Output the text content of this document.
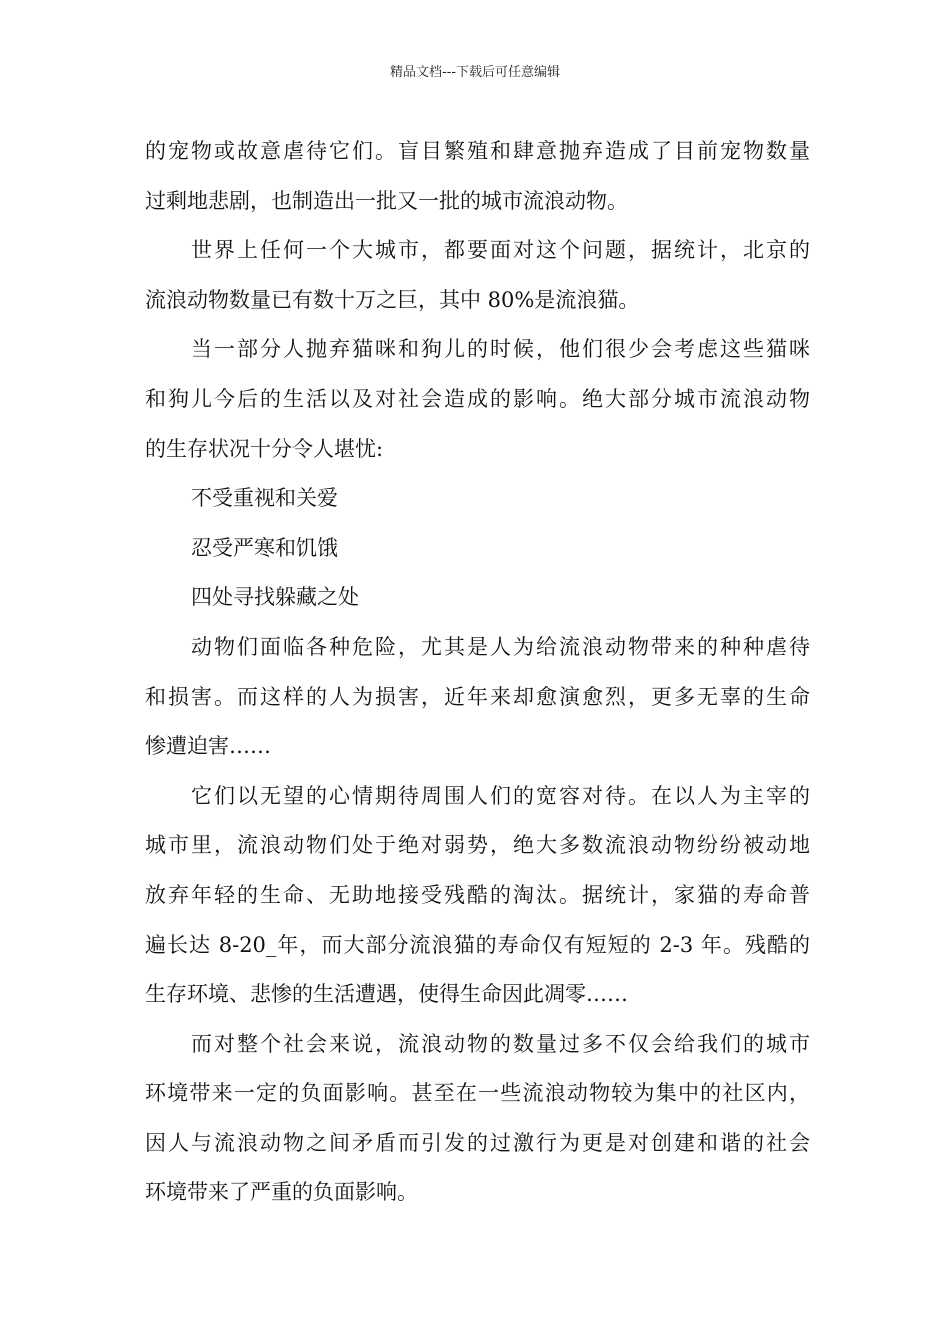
精品文档---下载后可任意编辑
的宠物或故意虐待它们。盲目繁殖和肆意抛弃造成了目前宠物数量
过剩地悲剧，也制造出一批又一批的城市流浪动物。
世界上任何一个大城市，都要面对这个问题，据统计，北京的
流浪动物数量已有数十万之巨，其中 80%是流浪猫。
当一部分人抛弃猫咪和狗儿的时候，他们很少会考虑这些猫咪
和狗儿今后的生活以及对社会造成的影响。绝大部分城市流浪动物
的生存状况十分令人堪忧:
不受重视和关爱
忍受严寒和饥饿
四处寻找躲藏之处
动物们面临各种危险，尤其是人为给流浪动物带来的种种虐待
和损害。而这样的人为损害，近年来却愈演愈烈，更多无辜的生命
惨遭迫害……
它们以无望的心情期待周围人们的宽容对待。在以人为主宰的
城市里，流浪动物们处于绝对弱势，绝大多数流浪动物纷纷被动地
放弃年轻的生命、无助地接受残酷的淘汰。据统计，家猫的寿命普
遍长达 8-20_年，而大部分流浪猫的寿命仅有短短的 2-3 年。残酷的
生存环境、悲惨的生活遭遇，使得生命因此凋零……
而对整个社会来说，流浪动物的数量过多不仅会给我们的城市
环境带来一定的负面影响。甚至在一些流浪动物较为集中的社区内，
因人与流浪动物之间矛盾而引发的过激行为更是对创建和谐的社会
环境带来了严重的负面影响。
